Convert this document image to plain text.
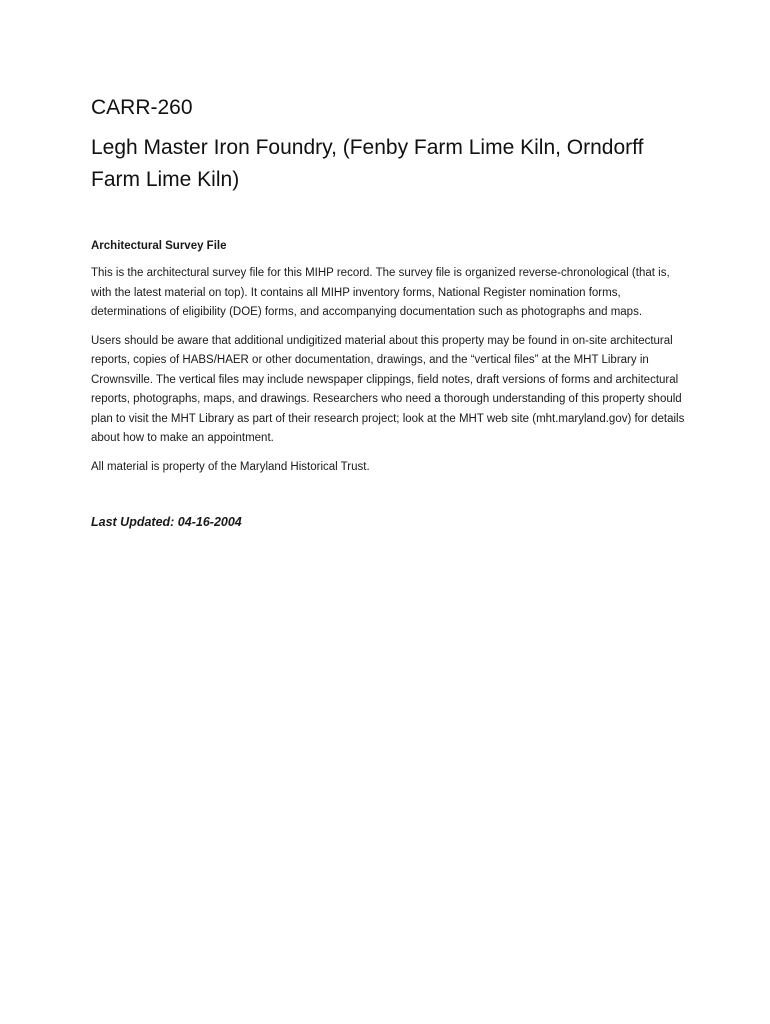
CARR-260
Legh Master Iron Foundry, (Fenby Farm Lime Kiln, Orndorff Farm Lime Kiln)
Architectural Survey File

This is the architectural survey file for this MIHP record. The survey file is organized reverse-chronological (that is, with the latest material on top). It contains all MIHP inventory forms, National Register nomination forms, determinations of eligibility (DOE) forms, and accompanying documentation such as photographs and maps.

Users should be aware that additional undigitized material about this property may be found in on-site architectural reports, copies of HABS/HAER or other documentation, drawings, and the “vertical files” at the MHT Library in Crownsville. The vertical files may include newspaper clippings, field notes, draft versions of forms and architectural reports, photographs, maps, and drawings. Researchers who need a thorough understanding of this property should plan to visit the MHT Library as part of their research project; look at the MHT web site (mht.maryland.gov) for details about how to make an appointment.

All material is property of the Maryland Historical Trust.

Last Updated: 04-16-2004
